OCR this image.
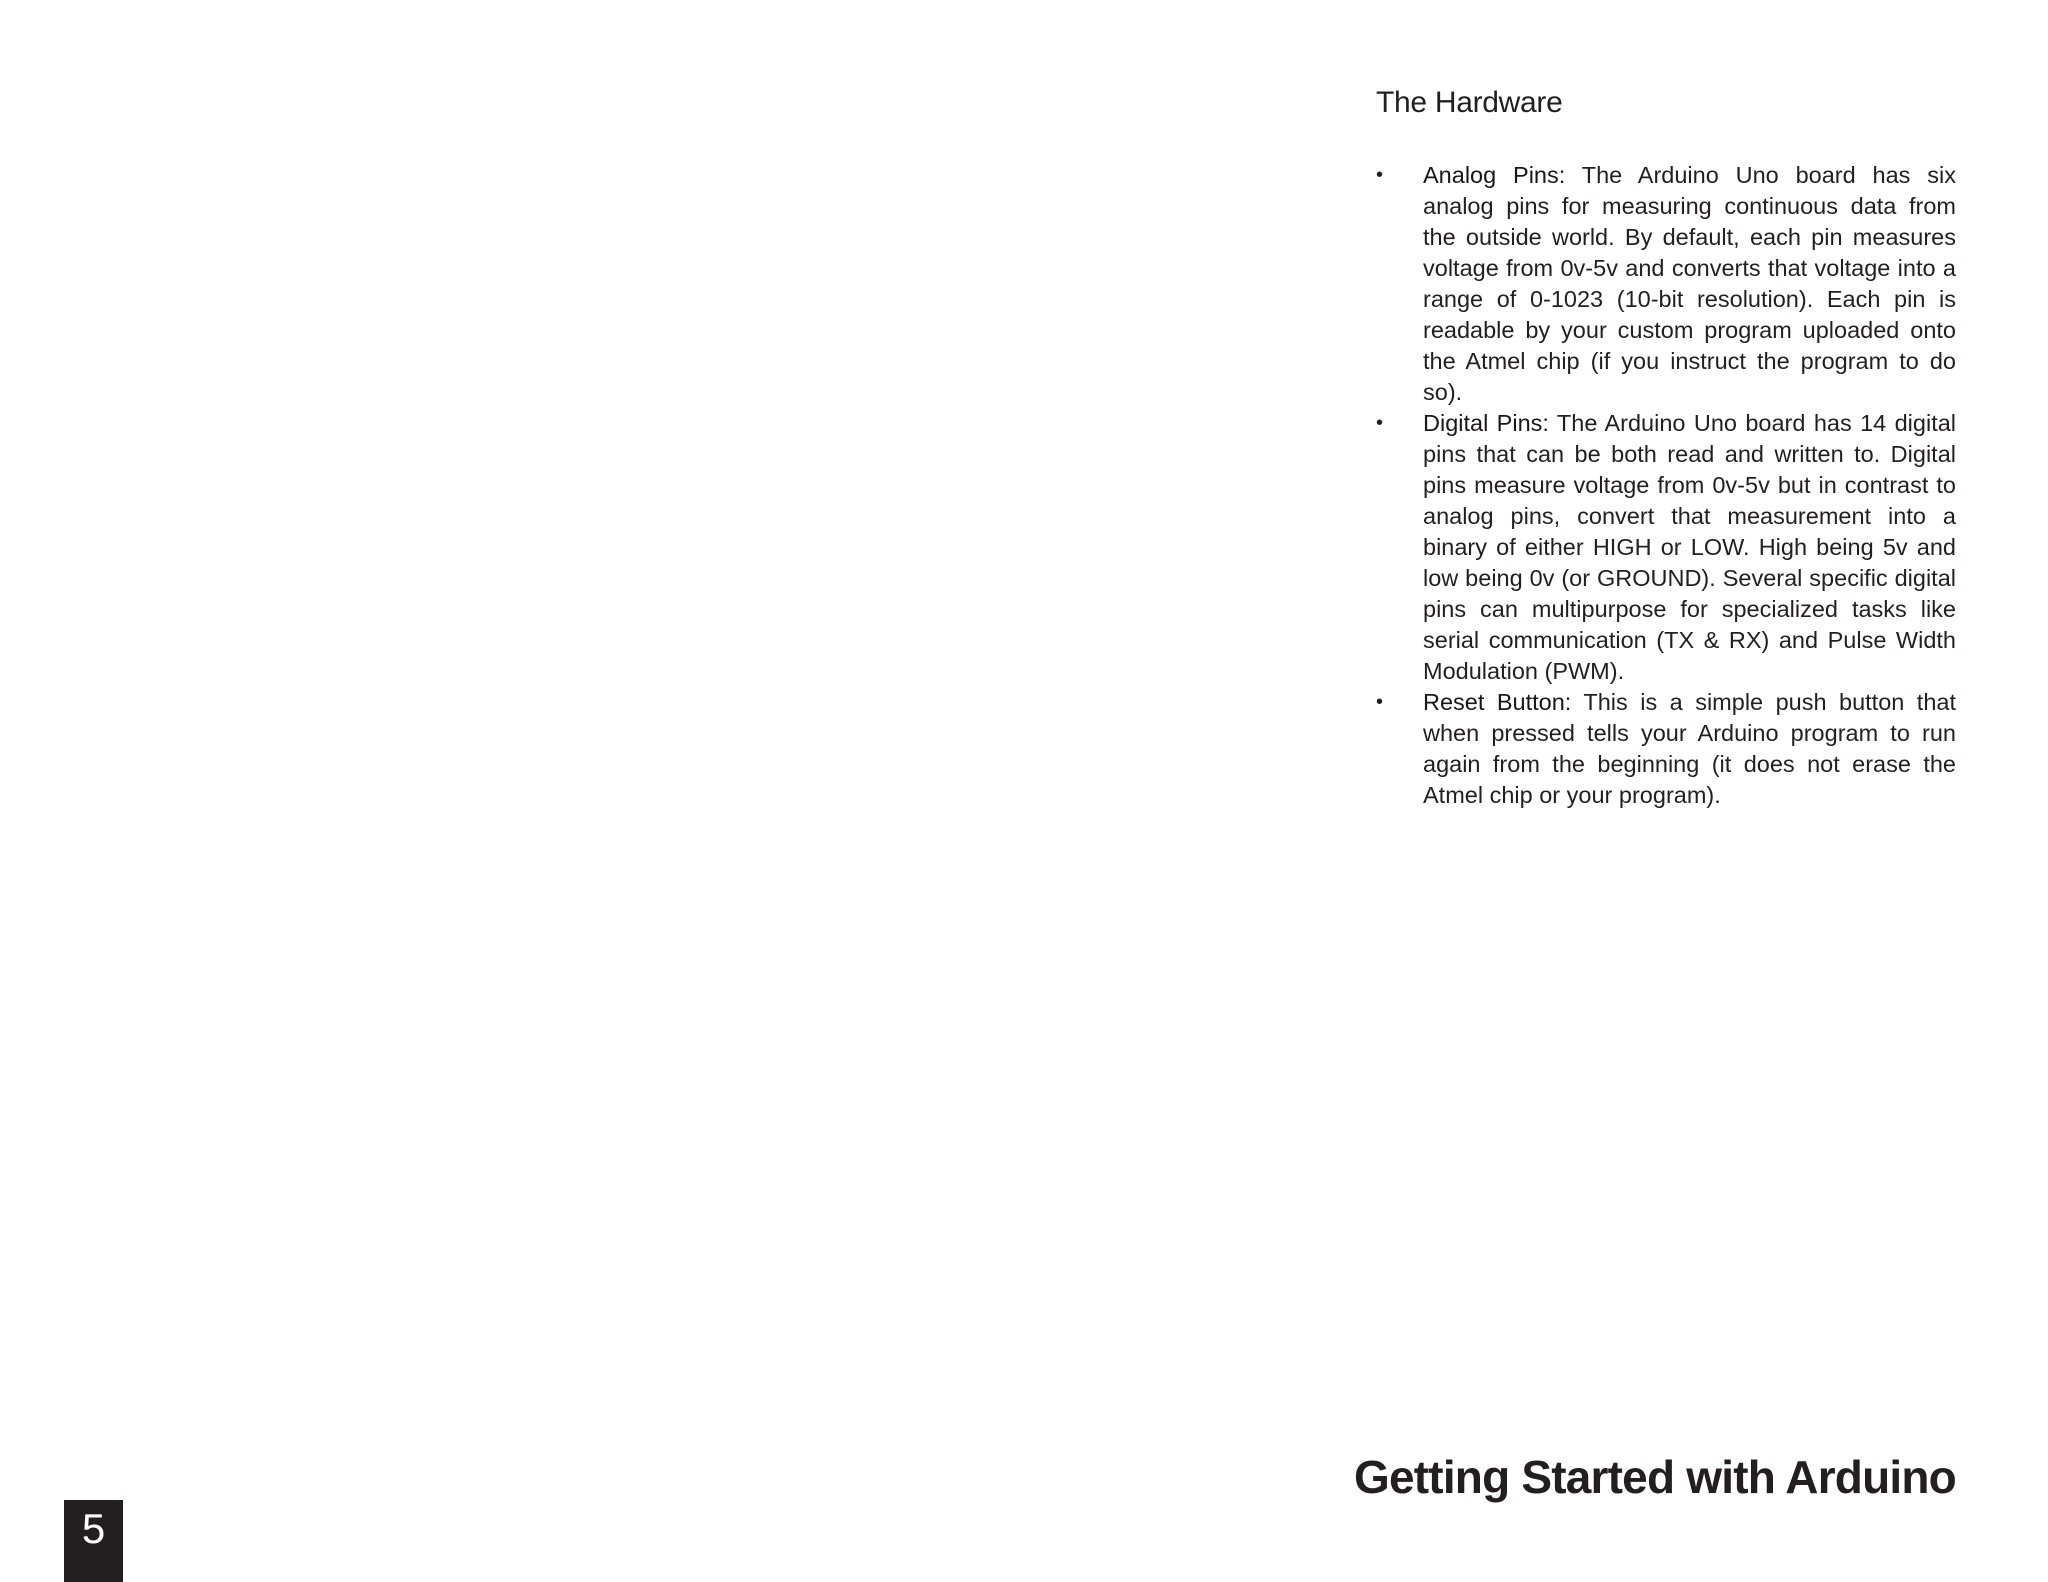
The Hardware
•	Analog Pins: The Arduino Uno board has six analog pins for measuring continuous data from the outside world. By default, each pin measures voltage from 0v-5v and converts that voltage into a range of 0-1023 (10-bit resolution). Each pin is readable by your custom program uploaded onto the Atmel chip (if you instruct the program to do so).
•	Digital Pins: The Arduino Uno board has 14 digital pins that can be both read and written to. Digital pins measure voltage from 0v-5v but in contrast to analog pins, convert that measurement into a binary of either HIGH or LOW. High being 5v and low being 0v (or GROUND). Several specific digital pins can multipurpose for specialized tasks like serial communication (TX & RX) and Pulse Width Modulation (PWM).
•	Reset Button: This is a simple push button that when pressed tells your Arduino program to run again from the beginning (it does not erase the Atmel chip or your program).
Getting Started with Arduino
5
